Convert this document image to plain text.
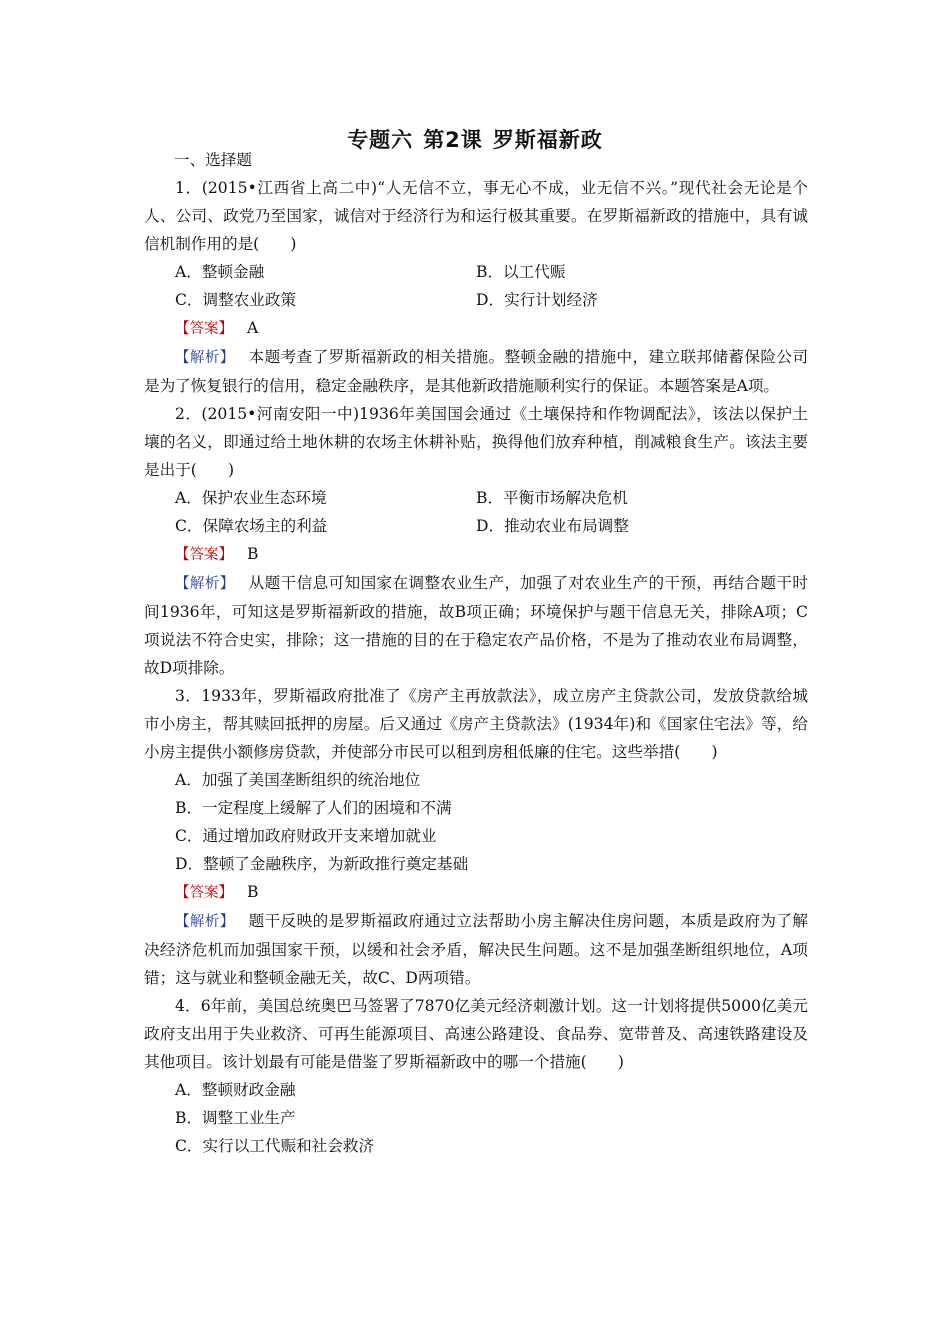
专题六 第2课 罗斯福新政

一、选择题

1．(2015•江西省上高二中)“人无信不立，事无心不成，业无信不兴。”现代社会无论是个人、公司、政党乃至国家，诚信对于经济行为和运行极其重要。在罗斯福新政的措施中，具有诚信机制作用的是(　　)

A．整顿金融	B．以工代赈
C．调整农业政策	D．实行计划经济

【答案】 A

【解析】 本题考查了罗斯福新政的相关措施。整顿金融的措施中，建立联邦储蓄保险公司是为了恢复银行的信用，稳定金融秩序，是其他新政措施顺利实行的保证。本题答案是A项。

2．(2015•河南安阳一中)1936年美国国会通过《土壤保持和作物调配法》，该法以保护土壤的名义，即通过给土地休耕的农场主休耕补贴，换得他们放弃种植，削减粮食生产。该法主要是出于(　　)

A．保护农业生态环境	B．平衡市场解决危机
C．保障农场主的利益	D．推动农业布局调整

【答案】 B

【解析】 从题干信息可知国家在调整农业生产，加强了对农业生产的干预，再结合题干时间1936年，可知这是罗斯福新政的措施，故B项正确；环境保护与题干信息无关，排除A项；C项说法不符合史实，排除；这一措施的目的在于稳定农产品价格，不是为了推动农业布局调整，故D项排除。

3．1933年，罗斯福政府批准了《房产主再放款法》，成立房产主贷款公司，发放贷款给城市小房主，帮其赎回抵押的房屋。后又通过《房产主贷款法》(1934年)和《国家住宅法》等，给小房主提供小额修房贷款，并使部分市民可以租到房租低廉的住宅。这些举措(　　)

A．加强了美国垄断组织的统治地位

B．一定程度上缓解了人们的困境和不满

C．通过增加政府财政开支来增加就业

D．整顿了金融秩序，为新政推行奠定基础

【答案】 B

【解析】 题干反映的是罗斯福政府通过立法帮助小房主解决住房问题，本质是政府为了解决经济危机而加强国家干预，以缓和社会矛盾，解决民生问题。这不是加强垄断组织地位，A项错；这与就业和整顿金融无关，故C、D两项错。

4．6年前，美国总统奥巴马签署了7870亿美元经济刺激计划。这一计划将提供5000亿美元政府支出用于失业救济、可再生能源项目、高速公路建设、食品券、宽带普及、高速铁路建设及其他项目。该计划最有可能是借鉴了罗斯福新政中的哪一个措施(　　)

A．整顿财政金融

B．调整工业生产

C．实行以工代赈和社会救济
